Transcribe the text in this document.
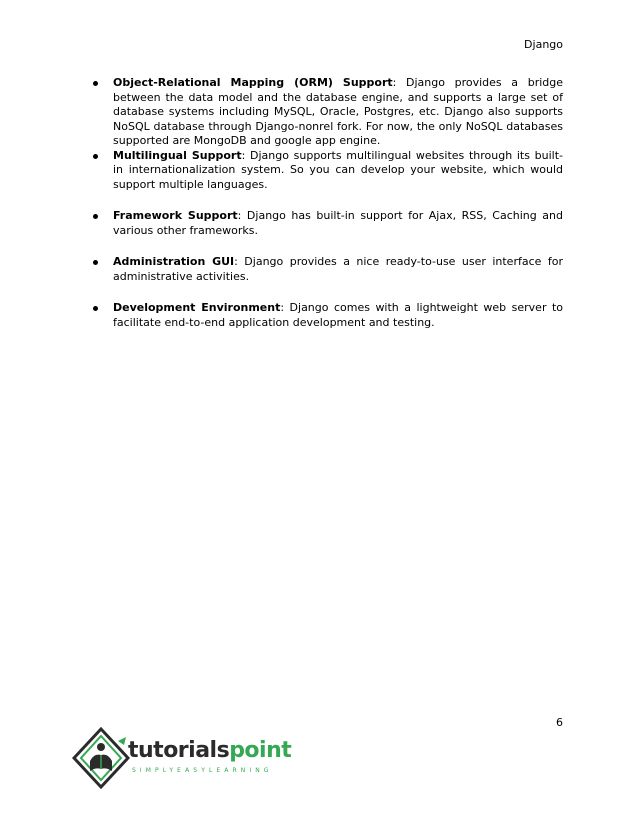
Django
Object-Relational Mapping (ORM) Support: Django provides a bridge between the data model and the database engine, and supports a large set of database systems including MySQL, Oracle, Postgres, etc. Django also supports NoSQL database through Django-nonrel fork. For now, the only NoSQL databases supported are MongoDB and google app engine.
Multilingual Support: Django supports multilingual websites through its built-in internationalization system. So you can develop your website, which would support multiple languages.
Framework Support: Django has built-in support for Ajax, RSS, Caching and various other frameworks.
Administration GUI: Django provides a nice ready-to-use user interface for administrative activities.
Development Environment: Django comes with a lightweight web server to facilitate end-to-end application development and testing.
6
tutorialspoint
SIMPLYEASYLEARNING
